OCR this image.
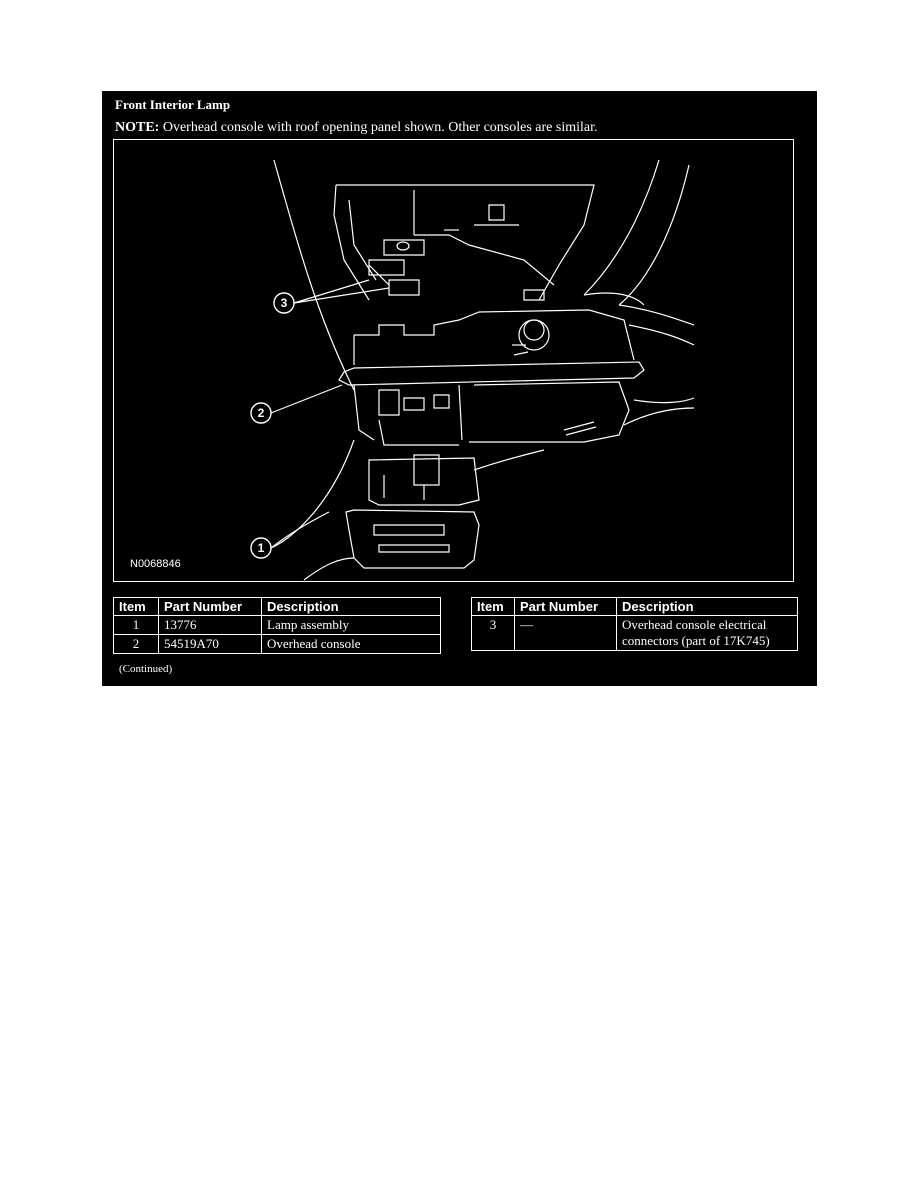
Front Interior Lamp
NOTE: Overhead console with roof opening panel shown. Other consoles are similar.
3
2
1
N0068846
Item	Part Number	Description
1	13776	Lamp assembly
2	54519A70	Overhead console
Item	Part Number	Description
3	—	Overhead console electrical connectors (part of 17K745)
(Continued)
